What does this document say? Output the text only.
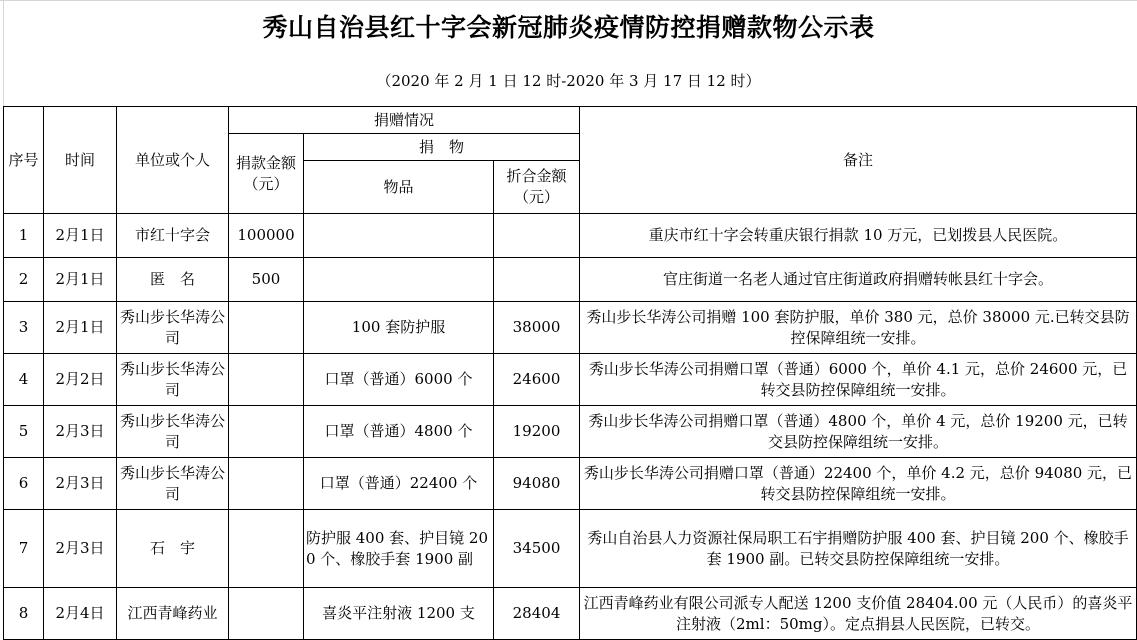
秀山自治县红十字会新冠肺炎疫情防控捐赠款物公示表
（2020 年 2 月 1 日 12 时-2020 年 3 月 17 日 12 时）
序号	时间	单位或个人	捐赠情况			备注
			捐款金额（元）	捐　物		
				物品	折合金额（元）	
1	2月1日	市红十字会	100000			重庆市红十字会转重庆银行捐款 10 万元，已划拨县人民医院。
2	2月1日	匿　名	500			官庄街道一名老人通过官庄街道政府捐赠转帐县红十字会。
3	2月1日	秀山步长华涛公司		100 套防护服	38000	秀山步长华涛公司捐赠 100 套防护服，单价 380 元，总价 38000 元.已转交县防控保障组统一安排。
4	2月2日	秀山步长华涛公司		口罩（普通）6000 个	24600	秀山步长华涛公司捐赠口罩（普通）6000 个，单价 4.1 元，总价 24600 元，已转交县防控保障组统一安排。
5	2月3日	秀山步长华涛公司		口罩（普通）4800 个	19200	秀山步长华涛公司捐赠口罩（普通）4800 个，单价 4 元，总价 19200 元，已转交县防控保障组统一安排。
6	2月3日	秀山步长华涛公司		口罩（普通）22400 个	94080	秀山步长华涛公司捐赠口罩（普通）22400 个，单价 4.2 元，总价 94080 元，已转交县防控保障组统一安排。
7	2月3日	石　宇		防护服 400 套、护目镜 200 个、橡胶手套 1900 副	34500	秀山自治县人力资源社保局职工石宇捐赠防护服 400 套、护目镜 200 个、橡胶手套 1900 副。已转交县防控保障组统一安排。
8	2月4日	江西青峰药业		喜炎平注射液 1200 支	28404	江西青峰药业有限公司派专人配送 1200 支价值 28404.00 元（人民币）的喜炎平注射液（2ml：50mg）。定点捐县人民医院，已转交。
